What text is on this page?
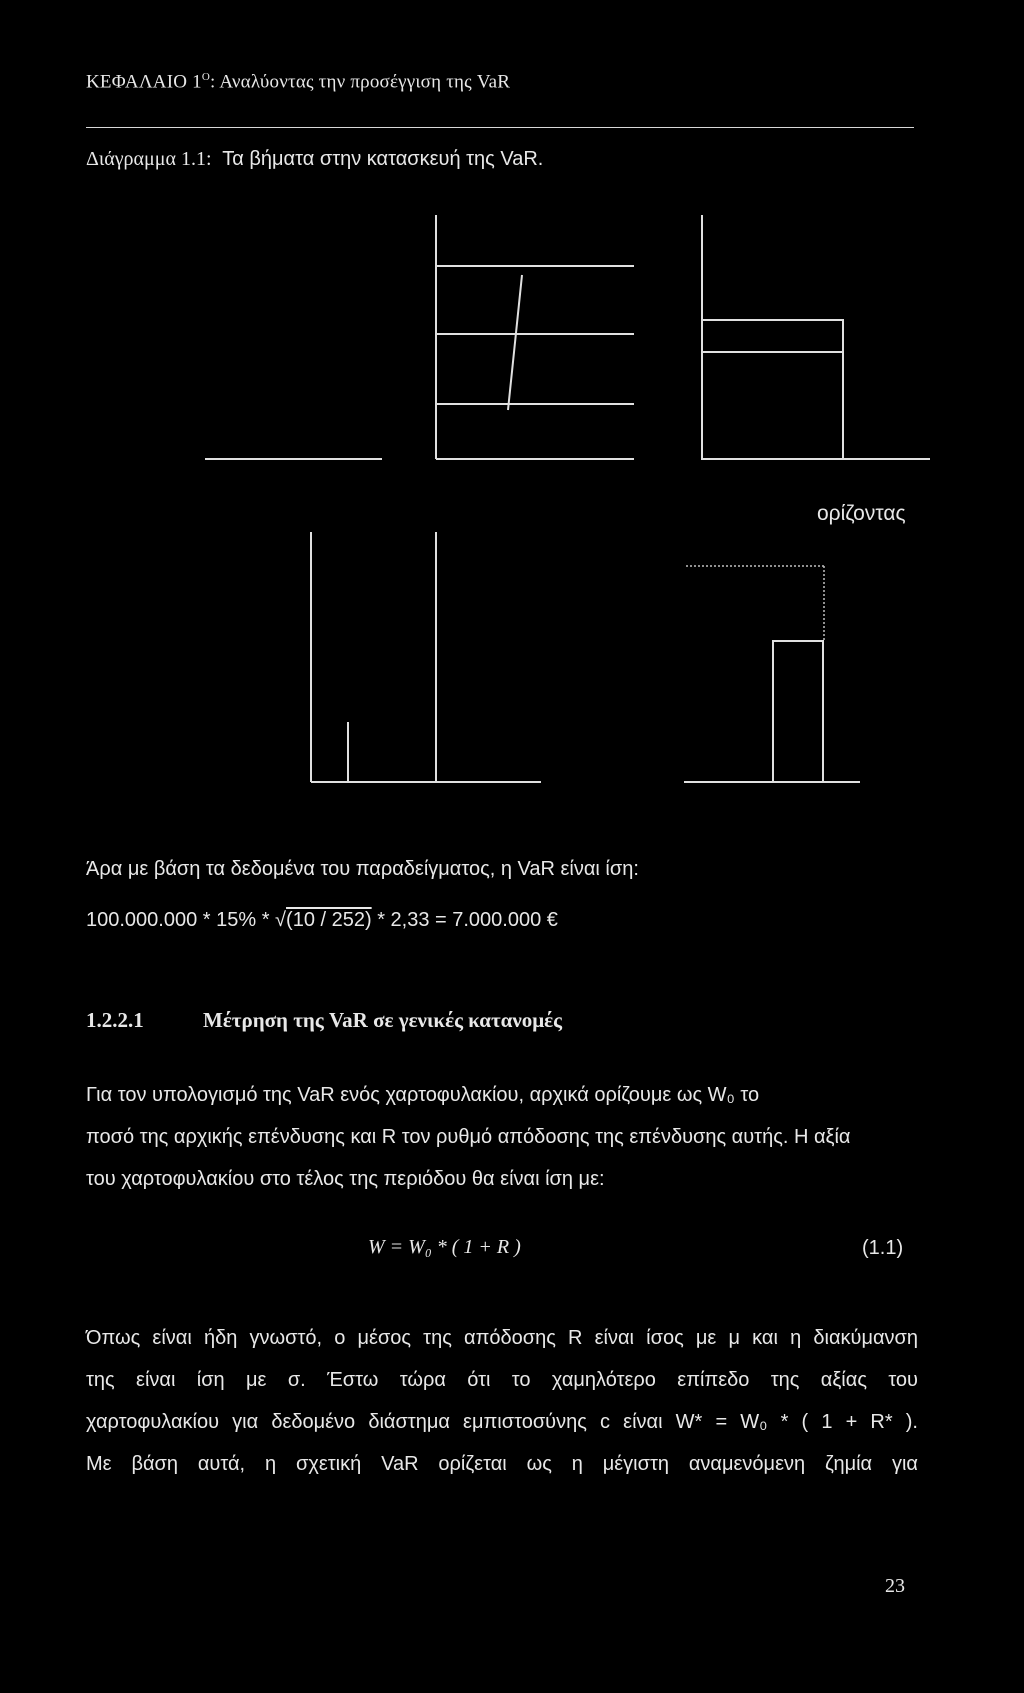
ΚΕΦΑΛΑΙΟ $1^O$: Αναλύοντας την προσέγγιση της VaR
Διάγραμμα 1.1: Τα βήματα στην κατασκευή της VaR.
ορίζοντας
Άρα με βάση τα δεδομένα του παραδείγματος, η VaR είναι ίση:
100.000.000 * 15% * √(10 / 252) * 2,33 = 7.000.000 €
1.2.2.1	Μέτρηση της VaR σε γενικές κατανομές

Για τον υπολογισμό της VaR ενός χαρτοφυλακίου, αρχικά ορίζουμε ως W₀ το

ποσό της αρχικής επένδυσης και R τον ρυθμό απόδοσης της επένδυσης αυτής. Η αξία

του χαρτοφυλακίου στο τέλος της περιόδου θα είναι ίση με:

W = W₀ * ( 1 + R )	(1.1)

Όπως είναι ήδη γνωστό, ο μέσος της απόδοσης R είναι ίσος με μ και η διακύμανση

της είναι ίση με σ. Έστω τώρα ότι το χαμηλότερο επίπεδο της αξίας του

χαρτοφυλακίου για δεδομένο διάστημα εμπιστοσύνης c είναι W* = W₀ * ( 1 + R* ).

Με βάση αυτά, η σχετική VaR ορίζεται ως η μέγιστη αναμενόμενη ζημία για

23
